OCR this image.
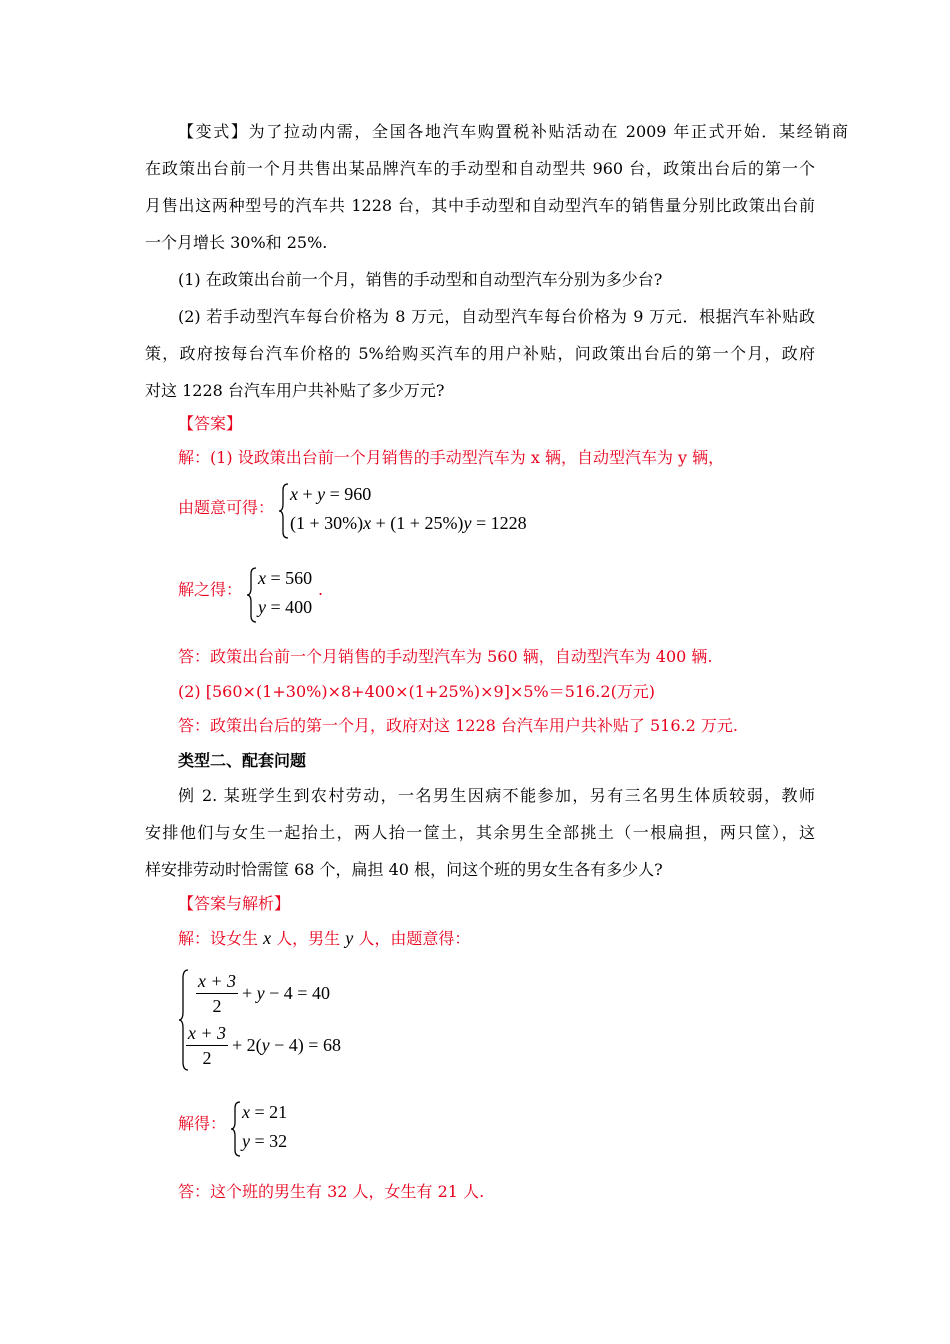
【变式】为了拉动内需，全国各地汽车购置税补贴活动在 2009 年正式开始．某经销商
在政策出台前一个月共售出某品牌汽车的手动型和自动型共 960 台，政策出台后的第一个
月售出这两种型号的汽车共 1228 台，其中手动型和自动型汽车的销售量分别比政策出台前
一个月增长 30%和 25%.
(1) 在政策出台前一个月，销售的手动型和自动型汽车分别为多少台?
(2) 若手动型汽车每台价格为 8 万元，自动型汽车每台价格为 9 万元．根据汽车补贴政
策，政府按每台汽车价格的 5%给购买汽车的用户补贴，问政策出台后的第一个月，政府
对这 1228 台汽车用户共补贴了多少万元?
【答案】
解：(1) 设政策出台前一个月销售的手动型汽车为 x 辆，自动型汽车为 y 辆，
由题意可得：
x + y = 960
(1 + 30%)x + (1 + 25%)y = 1228
解之得：
x = 560
y = 400
.
答：政策出台前一个月销售的手动型汽车为 560 辆，自动型汽车为 400 辆.
(2) [560×(1+30%)×8+400×(1+25%)×9]×5%＝516.2(万元)
答：政策出台后的第一个月，政府对这 1228 台汽车用户共补贴了 516.2 万元.
类型二、配套问题
例 2. 某班学生到农村劳动，一名男生因病不能参加，另有三名男生体质较弱，教师
安排他们与女生一起抬土，两人抬一筐土，其余男生全部挑土（一根扁担，两只筐），这
样安排劳动时恰需筐 68 个，扁担 40 根，问这个班的男女生各有多少人?
【答案与解析】
解：设女生 x 人，男生 y 人，由题意得：
x + 3
2
+ y − 4 = 40
x + 3
2
+ 2(y − 4) = 68
解得：
x = 21
y = 32
答：这个班的男生有 32 人，女生有 21 人.
